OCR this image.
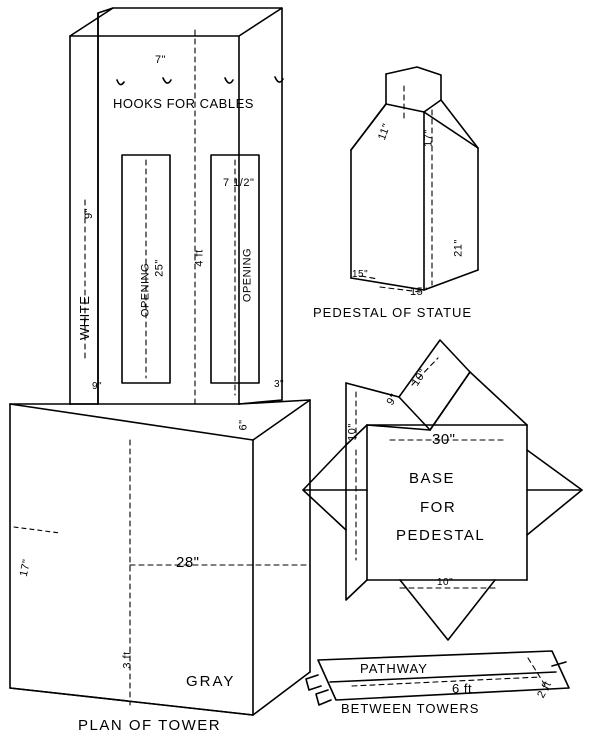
7"
HOOKS FOR CABLES
9"
WHITE
OPENING 25"
4 ft	OPENING
7 1/2"
6"
9"	3"
17"	28"
3 ft
GRAY
PLAN OF TOWER
11"	17"
21"
15"
15"
PEDESTAL OF STATUE
10"
9"
10"	30"
BASE
FOR
PEDESTAL
10"
PATHWAY
6 ft	2 ft
BETWEEN TOWERS
